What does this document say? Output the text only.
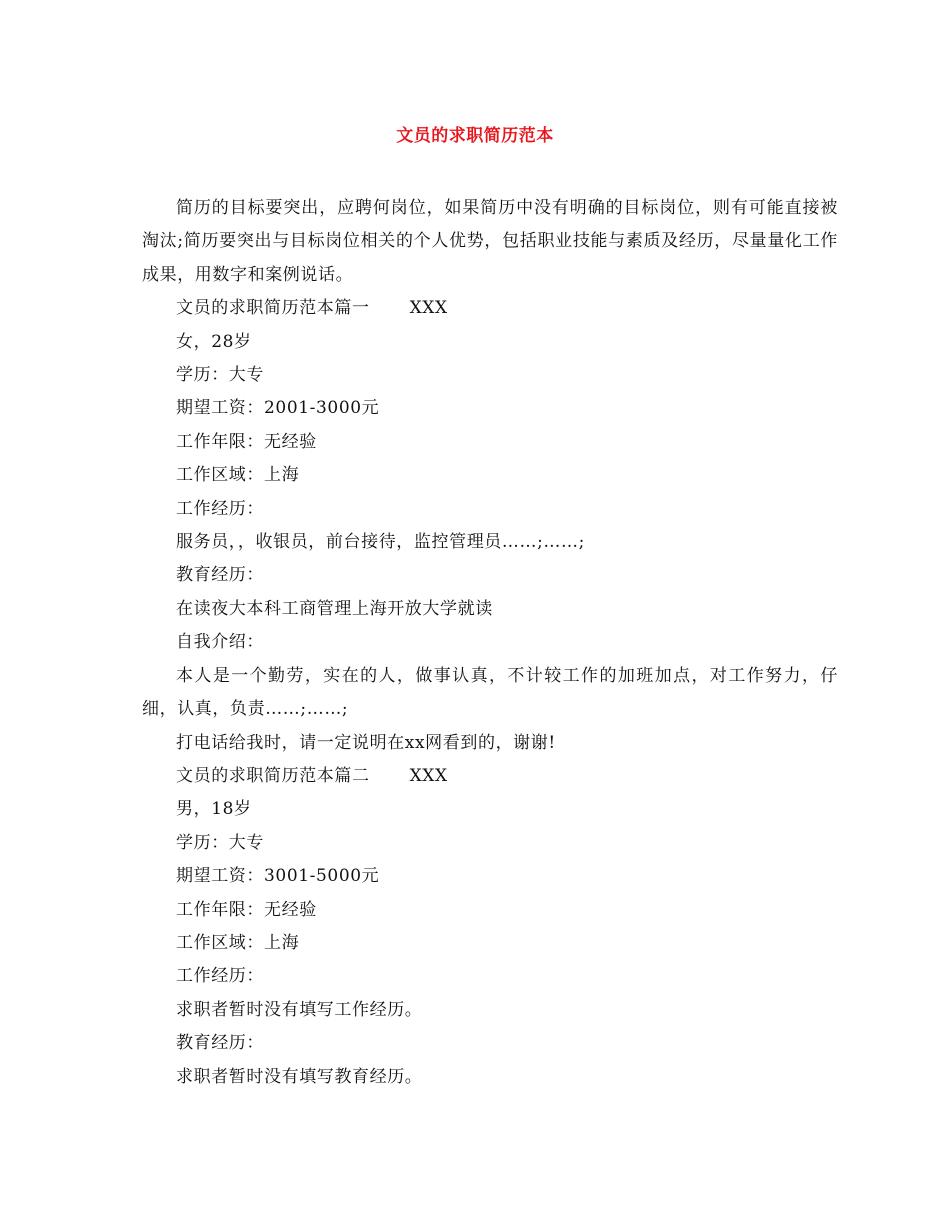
文员的求职简历范本

简历的目标要突出，应聘何岗位，如果简历中没有明确的目标岗位，则有可能直接被淘汰;简历要突出与目标岗位相关的个人优势，包括职业技能与素质及经历，尽量量化工作成果，用数字和案例说话。

文员的求职简历范本篇一 XXX
女，28岁
学历：大专
期望工资：2001-3000元
工作年限：无经验
工作区域：上海
工作经历：
服务员，，收银员，前台接待，监控管理员……;……;
教育经历：
在读夜大本科工商管理上海开放大学就读
自我介绍：

本人是一个勤劳，实在的人，做事认真，不计较工作的加班加点，对工作努力，仔细，认真，负责……;……;

打电话给我时，请一定说明在xx网看到的，谢谢!
文员的求职简历范本篇二 XXX
男，18岁
学历：大专
期望工资：3001-5000元
工作年限：无经验
工作区域：上海
工作经历：
求职者暂时没有填写工作经历。
教育经历：
求职者暂时没有填写教育经历。
